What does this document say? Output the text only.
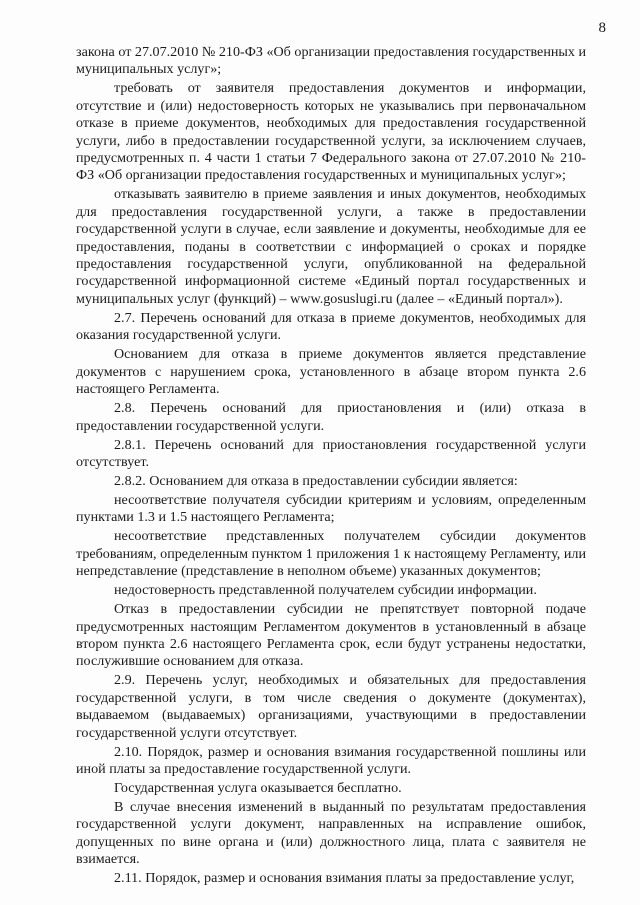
8

закона от 27.07.2010 № 210-ФЗ «Об организации предоставления государственных и муниципальных услуг»;

требовать от заявителя предоставления документов и информации, отсутствие и (или) недостоверность которых не указывались при первоначальном отказе в приеме документов, необходимых для предоставления государственной услуги, либо в предоставлении государственной услуги, за исключением случаев, предусмотренных п. 4 части 1 статьи 7 Федерального закона от 27.07.2010 № 210-ФЗ «Об организации предоставления государственных и муниципальных услуг»;

отказывать заявителю в приеме заявления и иных документов, необходимых для предоставления государственной услуги, а также в предоставлении государственной услуги в случае, если заявление и документы, необходимые для ее предоставления, поданы в соответствии с информацией о сроках и порядке предоставления государственной услуги, опубликованной на федеральной государственной информационной системе «Единый портал государственных и муниципальных услуг (функций) – www.gosuslugi.ru (далее – «Единый портал»).

2.7. Перечень оснований для отказа в приеме документов, необходимых для оказания государственной услуги.

Основанием для отказа в приеме документов является представление документов с нарушением срока, установленного в абзаце втором пункта 2.6 настоящего Регламента.

2.8. Перечень оснований для приостановления и (или) отказа в предоставлении государственной услуги.

2.8.1. Перечень оснований для приостановления государственной услуги отсутствует.

2.8.2. Основанием для отказа в предоставлении субсидии является:

несоответствие получателя субсидии критериям и условиям, определенным пунктами 1.3 и 1.5 настоящего Регламента;

несоответствие представленных получателем субсидии документов требованиям, определенным пунктом 1 приложения 1 к настоящему Регламенту, или непредставление (представление в неполном объеме) указанных документов;

недостоверность представленной получателем субсидии информации.

Отказ в предоставлении субсидии не препятствует повторной подаче предусмотренных настоящим Регламентом документов в установленный в абзаце втором пункта 2.6 настоящего Регламента срок, если будут устранены недостатки, послужившие основанием для отказа.

2.9. Перечень услуг, необходимых и обязательных для предоставления государственной услуги, в том числе сведения о документе (документах), выдаваемом (выдаваемых) организациями, участвующими в предоставлении государственной услуги отсутствует.

2.10. Порядок, размер и основания взимания государственной пошлины или иной платы за предоставление государственной услуги.

Государственная услуга оказывается бесплатно.

В случае внесения изменений в выданный по результатам предоставления государственной услуги документ, направленных на исправление ошибок, допущенных по вине органа и (или) должностного лица, плата с заявителя не взимается.

2.11. Порядок, размер и основания взимания платы за предоставление услуг,
